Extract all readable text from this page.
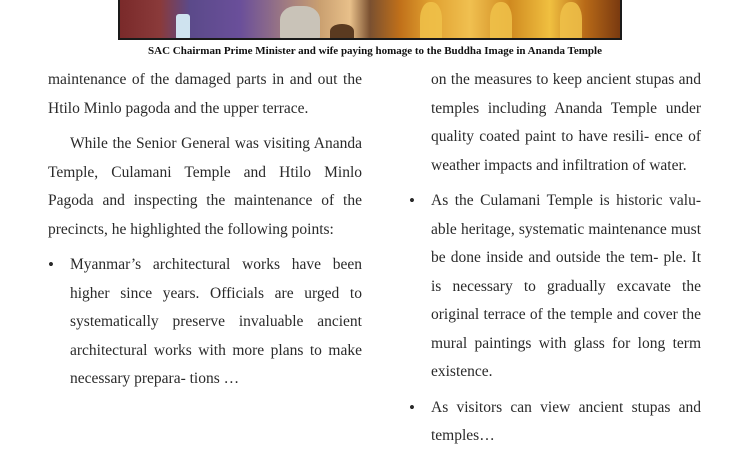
SAC Chairman Prime Minister and wife paying homage to the Buddha Image in Ananda Temple

maintenance of the damaged parts in and out the Htilo Minlo pagoda and the upper terrace.

While the Senior General was visiting Ananda Temple, Culamani Temple and Htilo Minlo Pagoda and inspecting the maintenance of the precincts, he highlighted the following points:

• Myanmar’s architectural works have been higher since years. Officials are urged to systematically preserve invaluable ancient architectural works with more plans to make necessary prepara- tions …
on the measures to keep ancient stupas and temples including Ananda Temple under quality coated paint to have resili- ence of weather impacts and infiltration of water.
• As the Culamani Temple is historic valu- able heritage, systematic maintenance must be done inside and outside the tem- ple. It is necessary to gradually excavate the original terrace of the temple and cover the mural paintings with glass for long term existence.
• As visitors can view ancient stupas and temples…
